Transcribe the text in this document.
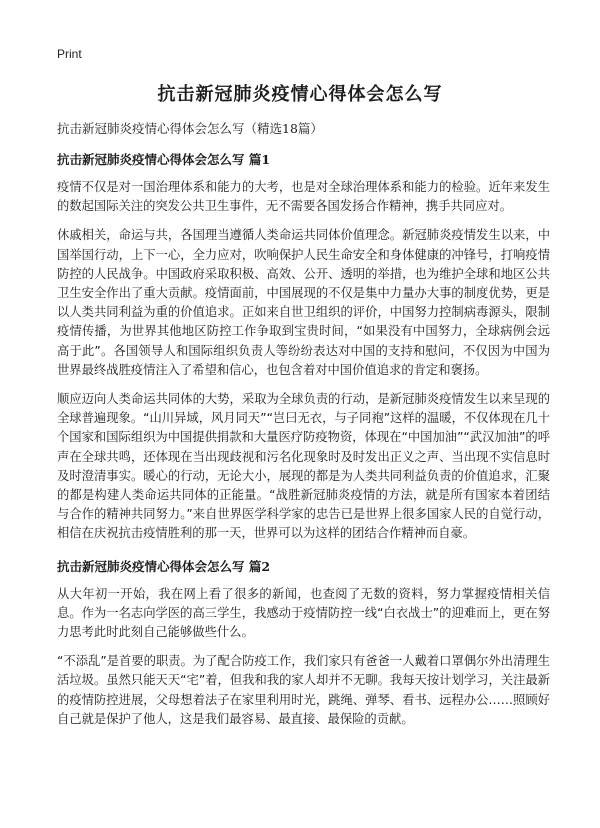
Print
抗击新冠肺炎疫情心得体会怎么写

抗击新冠肺炎疫情心得体会怎么写（精选18篇）

抗击新冠肺炎疫情心得体会怎么写 篇1

疫情不仅是对一国治理体系和能力的大考，也是对全球治理体系和能力的检验。近年来发生的数起国际关注的突发公共卫生事件，无不需要各国发扬合作精神，携手共同应对。

休戚相关，命运与共，各国理当遵循人类命运共同体价值理念。新冠肺炎疫情发生以来，中国举国行动，上下一心，全力应对，吹响保护人民生命安全和身体健康的冲锋号，打响疫情防控的人民战争。中国政府采取积极、高效、公开、透明的举措，也为维护全球和地区公共卫生安全作出了重大贡献。疫情面前，中国展现的不仅是集中力量办大事的制度优势，更是以人类共同利益为重的价值追求。正如来自世卫组织的评价，中国努力控制病毒源头，限制疫情传播，为世界其他地区防控工作争取到宝贵时间，“如果没有中国努力，全球病例会远高于此”。各国领导人和国际组织负责人等纷纷表达对中国的支持和慰问，不仅因为中国为世界最终战胜疫情注入了希望和信心，也包含着对中国价值追求的肯定和褒扬。

顺应迈向人类命运共同体的大势，采取为全球负责的行动，是新冠肺炎疫情发生以来呈现的全球普遍现象。“山川异域，风月同天”“岂曰无衣，与子同袍”这样的温暖，不仅体现在几十个国家和国际组织为中国提供捐款和大量医疗防疫物资，体现在“中国加油”“武汉加油”的呼声在全球共鸣，还体现在当出现歧视和污名化现象时及时发出正义之声、当出现不实信息时及时澄清事实。暖心的行动，无论大小，展现的都是为人类共同利益负责的价值追求，汇聚的都是构建人类命运共同体的正能量。“战胜新冠肺炎疫情的方法，就是所有国家本着团结与合作的精神共同努力。”来自世界医学科学家的忠告已是世界上很多国家人民的自觉行动，相信在庆祝抗击疫情胜利的那一天，世界可以为这样的团结合作精神而自豪。

抗击新冠肺炎疫情心得体会怎么写 篇2

从大年初一开始，我在网上看了很多的新闻，也查阅了无数的资料，努力掌握疫情相关信息。作为一名志向学医的高三学生，我感动于疫情防控一线“白衣战士”的迎难而上，更在努力思考此时此刻自己能够做些什么。

“不添乱”是首要的职责。为了配合防疫工作，我们家只有爸爸一人戴着口罩偶尔外出清理生活垃圾。虽然只能天天“宅”着，但我和我的家人却并不无聊。我每天按计划学习，关注最新的疫情防控进展，父母想着法子在家里利用时光，跳绳、弹琴、看书、远程办公……照顾好自己就是保护了他人，这是我们最容易、最直接、最保险的贡献。
